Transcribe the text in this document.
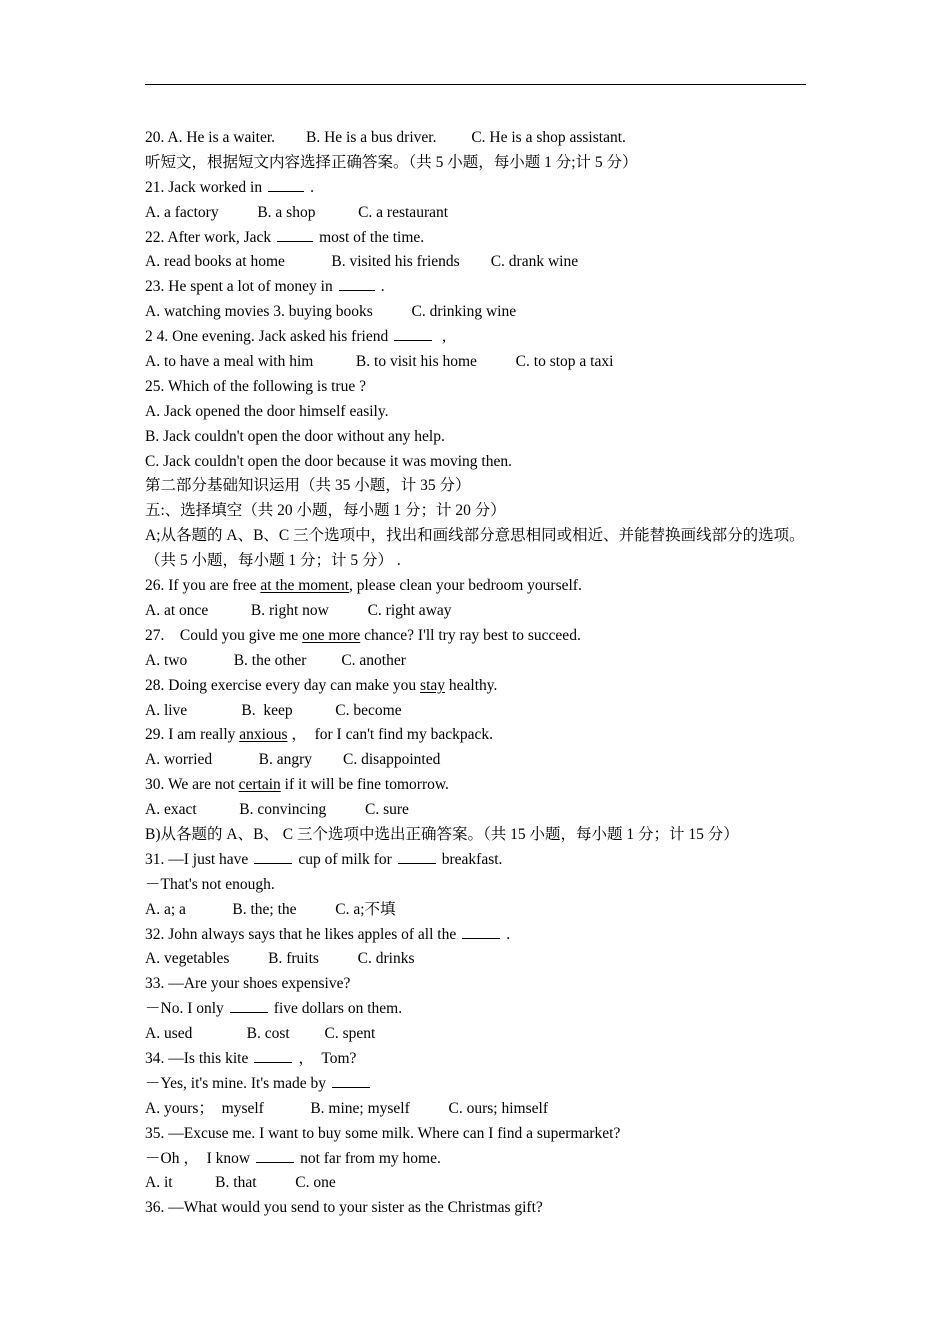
20. A. He is a waiter.        B. He is a bus driver.         C. He is a shop assistant.
听短文，根据短文内容选择正确答案。（共 5 小题，每小题 1 分;计 5 分）
21. Jack worked in	.
A. a factory          B. a shop           C. a restaurant
22. After work, Jack	most of the time.
A. read books at home            B. visited his friends        C. drank wine
23. He spent a lot of money in	.
A. watching movies 3. buying books          C. drinking wine
2 4. One evening. Jack asked his friend	,
A. to have a meal with him           B. to visit his home          C. to stop a taxi
25. Which of the following is true ?
A. Jack opened the door himself easily.
B. Jack couldn't open the door without any help.
C. Jack couldn't open the door because it was moving then.
第二部分基础知识运用（共 35 小题，计 35 分）
五:、选择填空（共 20 小题，每小题 1 分；计 20 分）
A;从各题的 A、B、C 三个选项中，找出和画线部分意思相同或相近、并能替换画线部分的选项。（共 5 小题，每小题 1 分；计 5 分） .
26. If you are free at the moment, please clean your bedroom yourself.
A. at once           B. right now          C. right away
27.    Could you give me one more chance? I'll try ray best to succeed.
A. two            B. the other         C. another
28. Doing exercise every day can make you stay healthy.
A. live              B.  keep           C. become
29. I am really anxious ，  for I can't find my backpack.
A. worried            B. angry        C. disappointed
30. We are not certain if it will be fine tomorrow.
A. exact           B. convincing          C. sure
B)从各题的 A、B、 C 三个选项中选出正确答案。（共 15 小题，每小题 1 分；计 15 分）
31. ―I just have	cup of milk for	breakfast.
－That's not enough.
A. a; a            B. the; the          C. a;不填
32. John always says that he likes apples of all the	.
A. vegetables          B. fruits          C. drinks
33. ―Are your shoes expensive?
－No. I only	five dollars on them.
A. used              B. cost         C. spent
34. ―Is this kite	，  Tom?
－Yes, it's mine. It's made by
A. yours；  myself            B. mine; myself          C. ours; himself
35. ―Excuse me. I want to buy some milk. Where can I find a supermarket?
－Oh ，  I know	not far from my home.
A. it           B. that          C. one
36. ―What would you send to your sister as the Christmas gift?
